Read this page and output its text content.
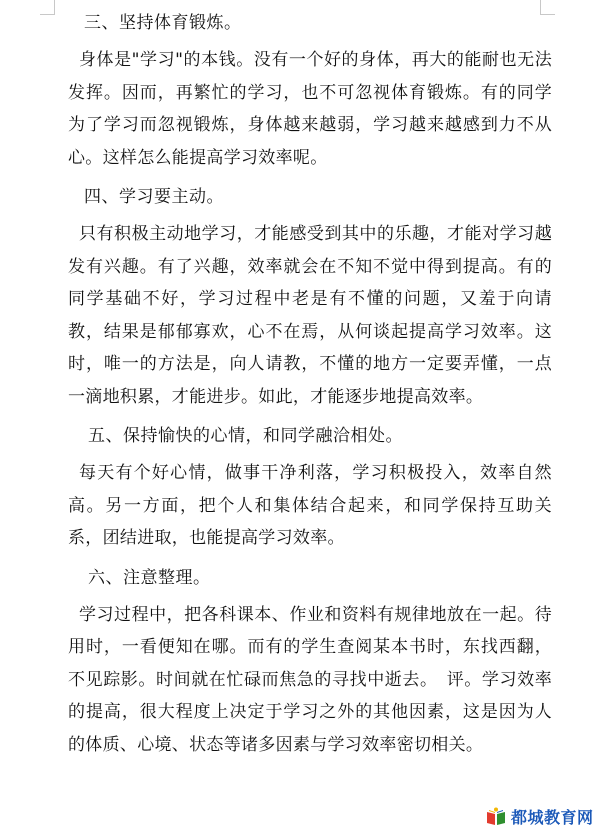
三、坚持体育锻炼。

身体是"学习"的本钱。没有一个好的身体，再大的能耐也无法发挥。因而，再繁忙的学习，也不可忽视体育锻炼。有的同学为了学习而忽视锻炼，身体越来越弱，学习越来越感到力不从心。这样怎么能提高学习效率呢。

四、学习要主动。

只有积极主动地学习，才能感受到其中的乐趣，才能对学习越发有兴趣。有了兴趣，效率就会在不知不觉中得到提高。有的同学基础不好，学习过程中老是有不懂的问题，又羞于向请教，结果是郁郁寡欢，心不在焉，从何谈起提高学习效率。这时，唯一的方法是，向人请教，不懂的地方一定要弄懂，一点一滴地积累，才能进步。如此，才能逐步地提高效率。

五、保持愉快的心情，和同学融洽相处。

每天有个好心情，做事干净利落，学习积极投入，效率自然高。另一方面，把个人和集体结合起来，和同学保持互助关系，团结进取，也能提高学习效率。

六、注意整理。

学习过程中，把各科课本、作业和资料有规律地放在一起。待用时，一看便知在哪。而有的学生查阅某本书时，东找西翻，不见踪影。时间就在忙碌而焦急的寻找中逝去。　评。学习效率的提高，很大程度上决定于学习之外的其他因素，这是因为人的体质、心境、状态等诸多因素与学习效率密切相关。

都城教育网
